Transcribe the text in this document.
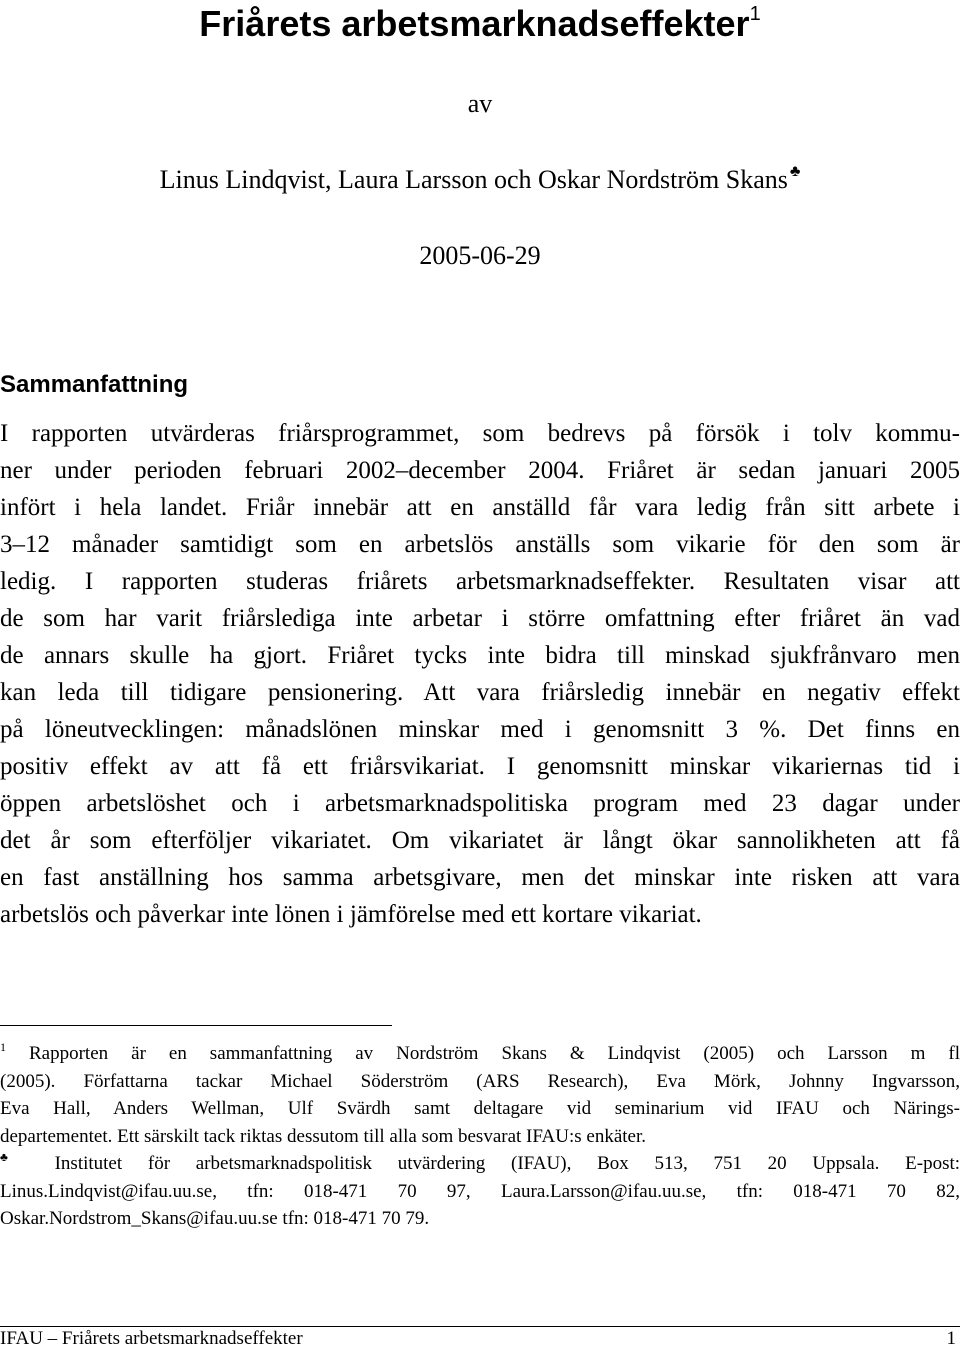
Friårets arbetsmarknadseffekter$^1$
av
Linus Lindqvist, Laura Larsson och Oskar Nordström Skans ♣
2005-06-29
Sammanfattning
I rapporten utvärderas friårsprogrammet, som bedrevs på försök i tolv kommu-
ner under perioden februari 2002–december 2004. Friåret är sedan januari 2005
infört i hela landet. Friår innebär att en anställd får vara ledig från sitt arbete i
3–12 månader samtidigt som en arbetslös anställs som vikarie för den som är
ledig. I rapporten studeras friårets arbetsmarknadseffekter. Resultaten visar att
de som har varit friårslediga inte arbetar i större omfattning efter friåret än vad
de annars skulle ha gjort. Friåret tycks inte bidra till minskad sjukfrånvaro men
kan leda till tidigare pensionering. Att vara friårsledig innebär en negativ effekt
på löneutvecklingen: månadslönen minskar med i genomsnitt 3 %. Det finns en
positiv effekt av att få ett friårsvikariat. I genomsnitt minskar vikariernas tid i
öppen arbetslöshet och i arbetsmarknadspolitiska program med 23 dagar under
det år som efterföljer vikariatet. Om vikariatet är långt ökar sannolikheten att få
en fast anställning hos samma arbetsgivare, men det minskar inte risken att vara
arbetslös och påverkar inte lönen i jämförelse med ett kortare vikariat.
$^1$ Rapporten är en sammanfattning av Nordström Skans & Lindqvist (2005) och Larsson m fl
(2005). Författarna tackar Michael Söderström (ARS Research), Eva Mörk, Johnny Ingvarsson,
Eva Hall, Anders Wellman, Ulf Svärdh samt deltagare vid seminarium vid IFAU och Närings-
departementet. Ett särskilt tack riktas dessutom till alla som besvarat IFAU:s enkäter.
♣ Institutet för arbetsmarknadspolitisk utvärdering (IFAU), Box 513, 751 20 Uppsala. E-post:
Linus.Lindqvist@ifau.uu.se, tfn: 018-471 70 97, Laura.Larsson@ifau.uu.se, tfn: 018-471 70 82,
Oskar.Nordstrom_Skans@ifau.uu.se tfn: 018-471 70 79.
IFAU – Friårets arbetsmarknadseffekter	1
